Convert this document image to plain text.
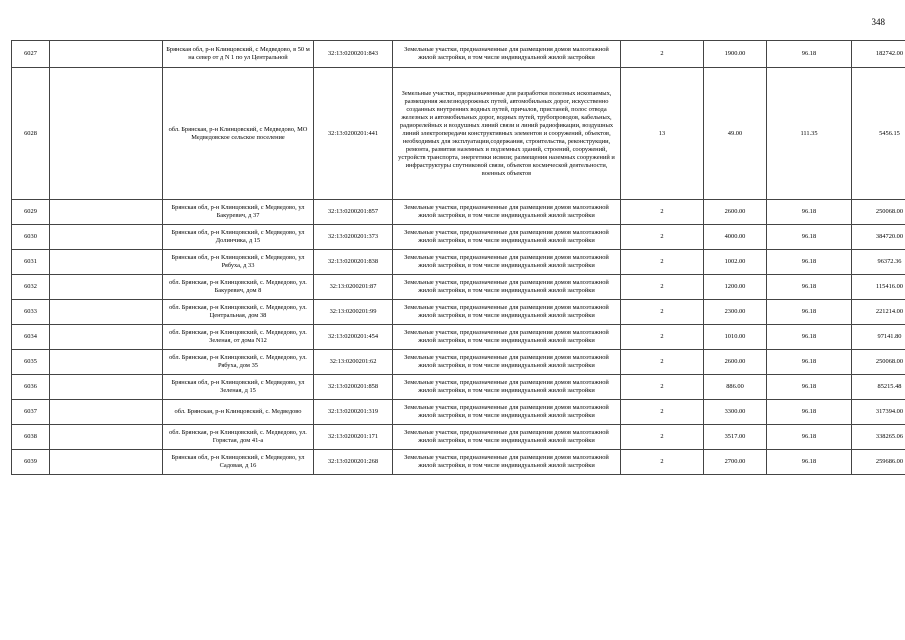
348
6027		Брянская обл, р-н Клинцовский, с Медведово, в 50 м на север от д N 1 по ул Центральной	32:13:0200201:843	Земельные участки, предназначенные для размещения домов малоэтажной жилой застройки, в том числе индивидуальной жилой застройки	2	1900.00	96.18	182742.00
6028		обл. Брянская, р-н Клинцовский, с Медведово, МО Медведовское сельское поселение	32:13:0200201:441	Земельные участки, предназначенные для разработки полезных ископаемых, размещения железнодорожных путей, автомобильных дорог, искусственно созданных внутренних водных путей, причалов, пристаней, полос отвода железных и автомобильных дорог, водных путей, трубопроводов, кабельных, радиорелейных и воздушных линий связи и линий радиофикации, воздушных линий электропередачи конструктивных элементов и сооружений, объектов, необходимых для эксплуатации,содержания, строительства, реконструкции, ремонта, развития наземных и подземных зданий, строений, сооружений, устройств транспорта, энергетики исвязи; размещения наземных сооружений и инфраструктуры спутниковой связи, объектов космической деятельности, военных объектов	13	49.00	111.35	5456.15
6029		Брянская обл, р-н Клинцовский, с Медведово, ул Бакуревич, д 37	32:13:0200201:857	Земельные участки, предназначенные для размещения домов малоэтажной жилой застройки, в том числе индивидуальной жилой застройки	2	2600.00	96.18	250068.00
6030		Брянская обл, р-н Клинцовский, с Медведово, ул Долинчика, д 15	32:13:0200201:373	Земельные участки, предназначенные для размещения домов малоэтажной жилой застройки, в том числе индивидуальной жилой застройки	2	4000.00	96.18	384720.00
6031		Брянская обл, р-н Клинцовский, с Медведово, ул Рябуха, д 33	32:13:0200201:838	Земельные участки, предназначенные для размещения домов малоэтажной жилой застройки, в том числе индивидуальной жилой застройки	2	1002.00	96.18	96372.36
6032		обл. Брянская, р-н Клинцовский, с. Медведово, ул. Бакуревич, дом 8	32:13:0200201:87	Земельные участки, предназначенные для размещения домов малоэтажной жилой застройки, в том числе индивидуальной жилой застройки	2	1200.00	96.18	115416.00
6033		обл. Брянская, р-н Клинцовский, с. Медведово, ул. Центральная, дом 38	32:13:0200201:99	Земельные участки, предназначенные для размещения домов малоэтажной жилой застройки, в том числе индивидуальной жилой застройки	2	2300.00	96.18	221214.00
6034		обл. Брянская, р-н Клинцовский, с. Медведово, ул. Зеленая, от дома N12	32:13:0200201:454	Земельные участки, предназначенные для размещения домов малоэтажной жилой застройки, в том числе индивидуальной жилой застройки	2	1010.00	96.18	97141.80
6035		обл. Брянская, р-н Клинцовский, с. Медведово, ул. Рябуха, дом 35	32:13:0200201:62	Земельные участки, предназначенные для размещения домов малоэтажной жилой застройки, в том числе индивидуальной жилой застройки	2	2600.00	96.18	250068.00
6036		Брянская обл, р-н Клинцовский, с Медведово, ул Зеленая, д 15	32:13:0200201:858	Земельные участки, предназначенные для размещения домов малоэтажной жилой застройки, в том числе индивидуальной жилой застройки	2	886.00	96.18	85215.48
6037		обл. Брянская, р-н Клинцовский, с. Медведово	32:13:0200201:319	Земельные участки, предназначенные для размещения домов малоэтажной жилой застройки, в том числе индивидуальной жилой застройки	2	3300.00	96.18	317394.00
6038		обл. Брянская, р-н Клинцовский, с. Медведово, ул. Горястая, дом 41-а	32:13:0200201:171	Земельные участки, предназначенные для размещения домов малоэтажной жилой застройки, в том числе индивидуальной жилой застройки	2	3517.00	96.18	338265.06
6039		Брянская обл, р-н Клинцовский, с Медведово, ул Садовая, д 16	32:13:0200201:268	Земельные участки, предназначенные для размещения домов малоэтажной жилой застройки, в том числе индивидуальной жилой застройки	2	2700.00	96.18	259686.00
